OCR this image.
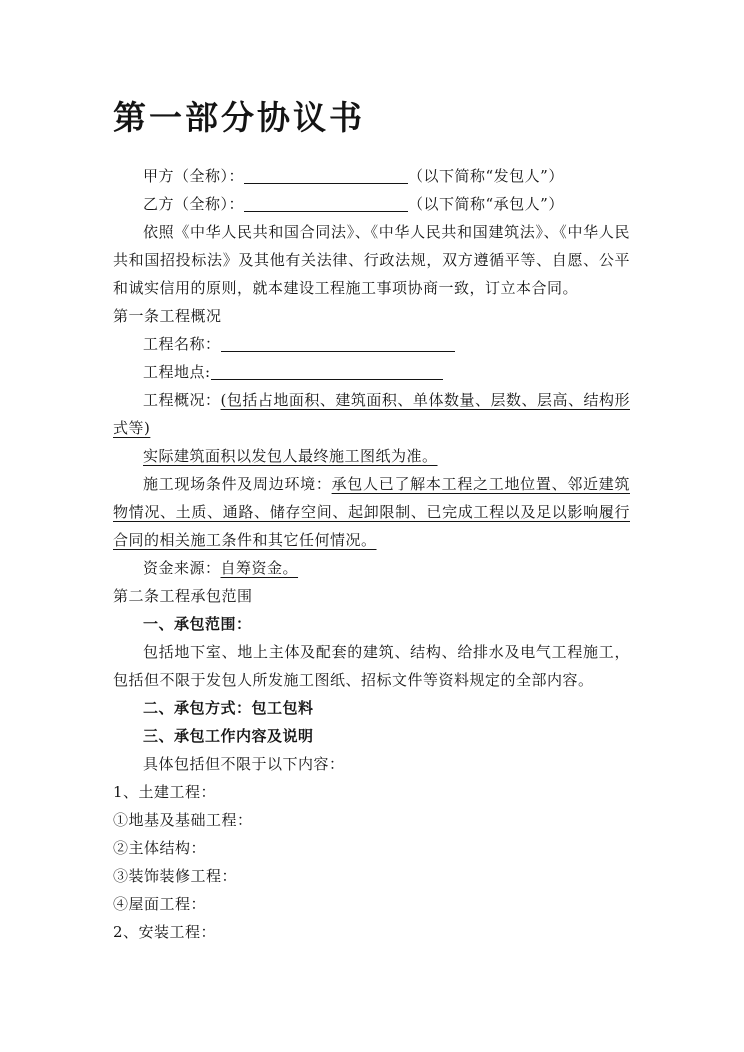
第一部分协议书

甲方（全称）：	（以下简称“发包人”）

乙方（全称）：	（以下简称“承包人”）

依照《中华人民共和国合同法》、《中华人民共和国建筑法》、《中华人民共和国招投标法》及其他有关法律、行政法规，双方遵循平等、自愿、公平和诚实信用的原则，就本建设工程施工事项协商一致，订立本合同。

第一条工程概况

工程名称：

工程地点:

工程概况：(包括占地面积、建筑面积、单体数量、层数、层高、结构形式等)

实际建筑面积以发包人最终施工图纸为准。

施工现场条件及周边环境：承包人已了解本工程之工地位置、邻近建筑物情况、土质、通路、储存空间、起卸限制、已完成工程以及足以影响履行合同的相关施工条件和其它任何情况。

资金来源：自筹资金。

第二条工程承包范围

一、承包范围：

包括地下室、地上主体及配套的建筑、结构、给排水及电气工程施工，包括但不限于发包人所发施工图纸、招标文件等资料规定的全部内容。

二、承包方式：包工包料

三、承包工作内容及说明

具体包括但不限于以下内容：

1、土建工程：

①地基及基础工程：

②主体结构：

③装饰装修工程：

④屋面工程：

2、安装工程：
